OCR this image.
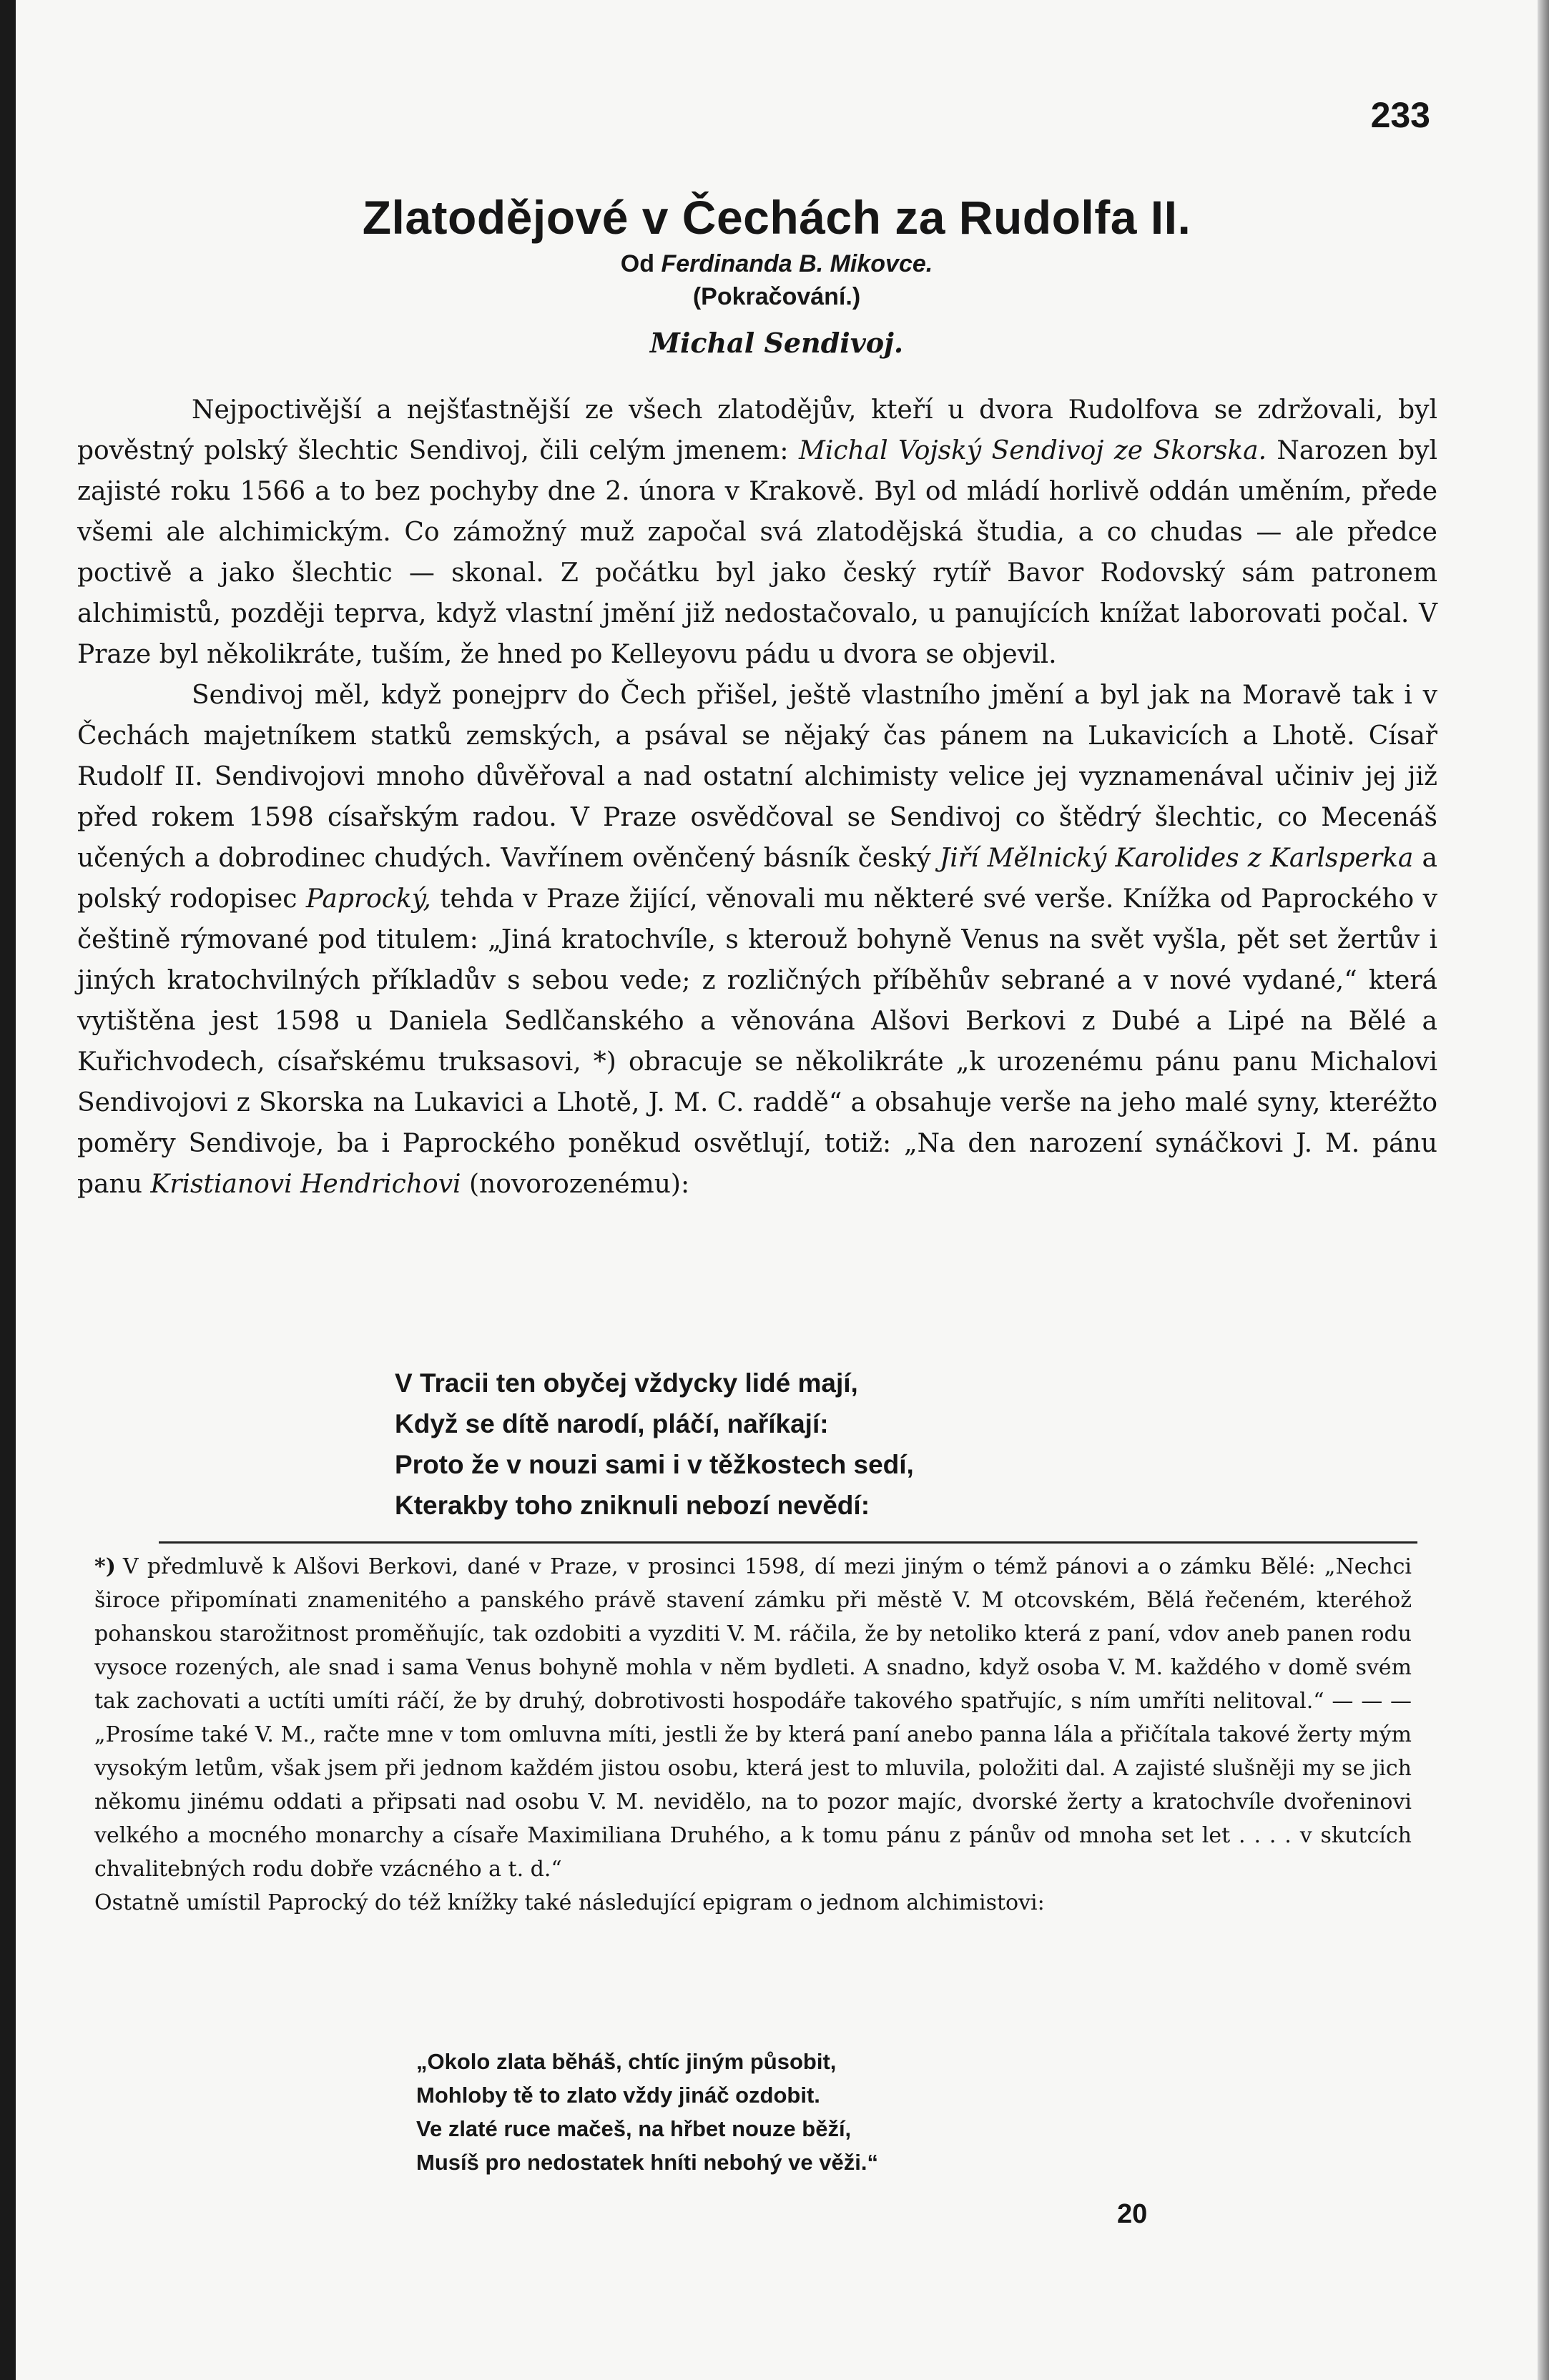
233
Zlatodějové v Čechách za Rudolfa II.
Od Ferdinanda B. Mikovce.
(Pokračování.)
Michal Sendivoj.

Nejpoctivější a nejšťastnější ze všech zlatodějův, kteří u dvora Rudolfova se zdržovali, byl pověstný polský šlechtic Sendivoj, čili celým jmenem: Michal Vojský Sendivoj ze Skorska. Narozen byl zajisté roku 1566 a to bez pochyby dne 2. února v Krakově. Byl od mládí horlivě oddán uměním, přede všemi ale alchimickým. Co zámožný muž započal svá zlatodějská študia, a co chudas — ale předce poctivě a jako šlechtic — skonal. Z počátku byl jako český rytíř Bavor Rodovský sám patronem alchimistů, později teprva, když vlastní jmění již nedostačovalo, u panujících knížat laborovati počal. V Praze byl několikráte, tuším, že hned po Kelleyovu pádu u dvora se objevil.

Sendivoj měl, když ponejprv do Čech přišel, ještě vlastního jmění a byl jak na Moravě tak i v Čechách majetníkem statků zemských, a psával se nějaký čas pánem na Lukavicích a Lhotě. Císař Rudolf II. Sendivojovi mnoho důvěřoval a nad ostatní alchimisty velice jej vyznamenával učiniv jej již před rokem 1598 císařským radou. V Praze osvědčoval se Sendivoj co štědrý šlechtic, co Mecenáš učených a dobrodinec chudých. Vavřínem ověnčený básník český Jiří Mělnický Karolides z Karlsperka a polský rodopisec Paprocký, tehda v Praze žijící, věnovali mu některé své verše. Knížka od Paprockého v češtině rýmované pod titulem: „Jiná kratochvíle, s kterouž bohyně Venus na svět vyšla, pět set žertův i jiných kratochvilných příkladův s sebou vede; z rozličných příběhův sebrané a v nové vydané,“ která vytištěna jest 1598 u Daniela Sedlčanského a věnována Alšovi Berkovi z Dubé a Lipé na Bělé a Kuřichvodech, císařskému truksasovi, *) obracuje se několikráte „k urozenému pánu panu Michalovi Sendivojovi z Skorska na Lukavici a Lhotě, J. M. C. raddě“ a obsahuje verše na jeho malé syny, kteréžto poměry Sendivoje, ba i Paprockého poněkud osvětlují, totiž: „Na den narození synáčkovi J. M. pánu panu Kristianovi Hendrichovi (novorozenému):

V Tracii ten obyčej vždycky lidé mají,
Když se dítě narodí, pláčí, naříkají:
Proto že v nouzi sami i v těžkostech sedí,
Kterakby toho zniknuli nebozí nevědí:

*) V předmluvě k Alšovi Berkovi, dané v Praze, v prosinci 1598, dí mezi jiným o témž pánovi a o zámku Bělé: „Nechci široce připomínati znamenitého a panského právě stavení zámku při městě V. M otcovském, Bělá řečeném, kteréhož pohanskou starožitnost proměňujíc, tak ozdobiti a vyzditi V. M. ráčila, že by netoliko která z paní, vdov aneb panen rodu vysoce rozených, ale snad i sama Venus bohyně mohla v něm bydleti. A snadno, když osoba V. M. každého v domě svém tak zachovati a uctíti umíti ráčí, že by druhý, dobrotivosti hospodáře takového spatřujíc, s ním umříti nelitoval.“ — — — „Prosíme také V. M., račte mne v tom omluvna míti, jestli že by která paní anebo panna lála a přičítala takové žerty mým vysokým letům, však jsem při jednom každém jistou osobu, která jest to mluvila, položiti dal. A zajisté slušněji my se jich někomu jinému oddati a připsati nad osobu V. M. nevidělo, na to pozor majíc, dvorské žerty a kratochvíle dvořeninovi velkého a mocného monarchy a císaře Maximiliana Druhého, a k tomu pánu z pánův od mnoha set let . . . . v skutcích chvalitebných rodu dobře vzácného a t. d.“

Ostatně umístil Paprocký do též knížky také následující epigram o jednom alchimistovi:

„Okolo zlata běháš, chtíc jiným působit,
Mohloby tě to zlato vždy jináč ozdobit.
Ve zlaté ruce mačeš, na hřbet nouze běží,
Musíš pro nedostatek hníti nebohý ve věži.“
20
